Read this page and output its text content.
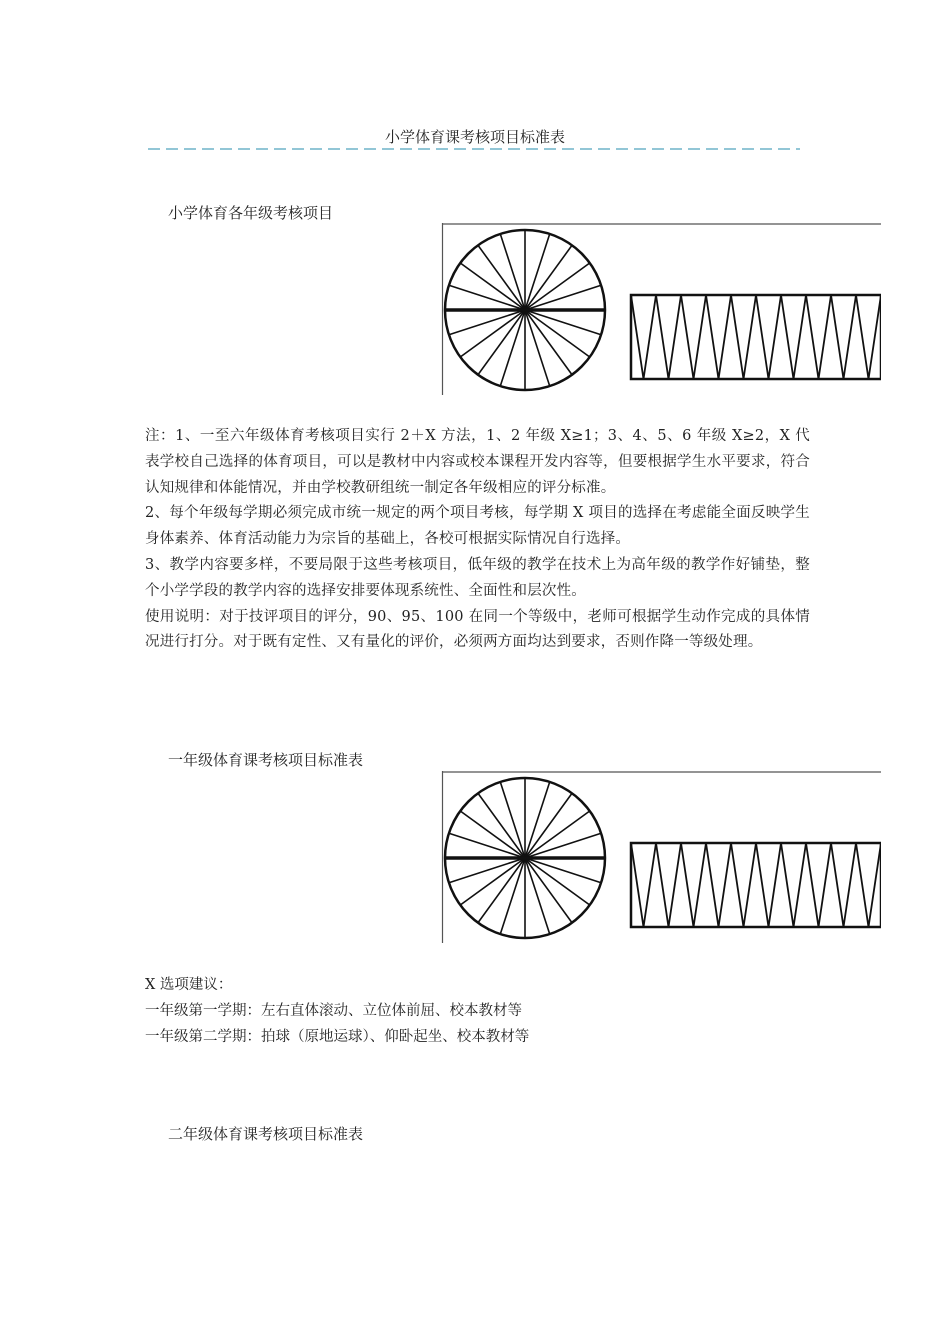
小学体育课考核项目标准表
小学体育各年级考核项目

注：1、一至六年级体育考核项目实行 2＋X 方法，1、2 年级 X≥1；3、4、5、6 年级 X≥2，X 代表学校自己选择的体育项目，可以是教材中内容或校本课程开发内容等，但要根据学生水平要求，符合认知规律和体能情况，并由学校教研组统一制定各年级相应的评分标准。

2、每个年级每学期必须完成市统一规定的两个项目考核，每学期 X 项目的选择在考虑能全面反映学生身体素养、体育活动能力为宗旨的基础上，各校可根据实际情况自行选择。

3、教学内容要多样，不要局限于这些考核项目，低年级的教学在技术上为高年级的教学作好铺垫，整个小学学段的教学内容的选择安排要体现系统性、全面性和层次性。

使用说明：对于技评项目的评分，90、95、100 在同一个等级中，老师可根据学生动作完成的具体情况进行打分。对于既有定性、又有量化的评价，必须两方面均达到要求，否则作降一等级处理。

一年级体育课考核项目标准表

X 选项建议：

一年级第一学期：左右直体滚动、立位体前屈、校本教材等

一年级第二学期：拍球（原地运球）、仰卧起坐、校本教材等

二年级体育课考核项目标准表
